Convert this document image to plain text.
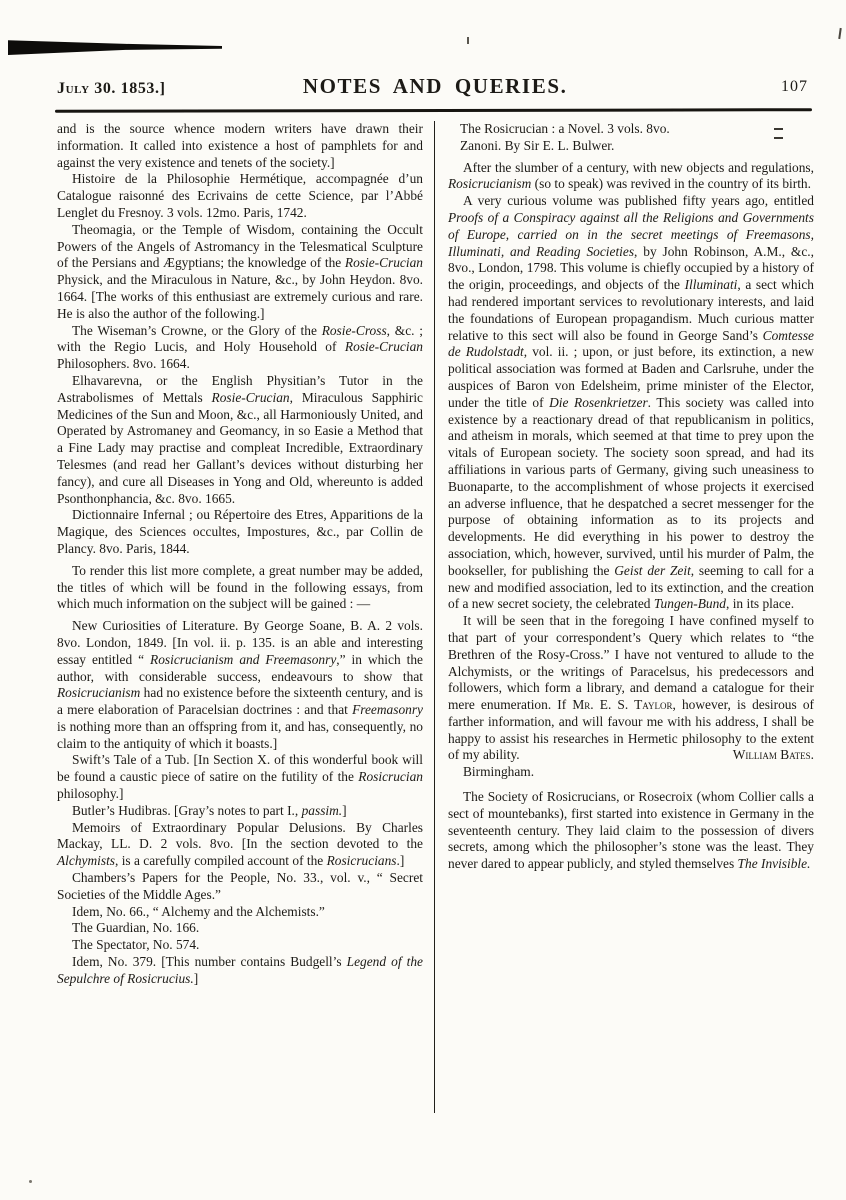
July 30. 1853.]	NOTES AND QUERIES.	107

and is the source whence modern writers have drawn their information. It called into existence a host of pamphlets for and against the very existence and tenets of the society.]

Histoire de la Philosophie Hermétique, accompagnée d’un Catalogue raisonné des Ecrivains de cette Science, par l’Abbé Lenglet du Fresnoy. 3 vols. 12mo. Paris, 1742.

Theomagia, or the Temple of Wisdom, containing the Occult Powers of the Angels of Astromancy in the Telesmatical Sculpture of the Persians and Ægyptians; the knowledge of the Rosie-Crucian Physick, and the Miraculous in Nature, &c., by John Heydon. 8vo. 1664. [The works of this enthusiast are extremely curious and rare. He is also the author of the following.]

The Wiseman’s Crowne, or the Glory of the Rosie-Cross, &c. ; with the Regio Lucis, and Holy Household of Rosie-Crucian Philosophers. 8vo. 1664.

Elhavarevna, or the English Physitian’s Tutor in the Astrabolismes of Mettals Rosie-Crucian, Miraculous Sapphiric Medicines of the Sun and Moon, &c., all Harmoniously United, and Operated by Astromaney and Geomancy, in so Easie a Method that a Fine Lady may practise and compleat Incredible, Extraordinary Telesmes (and read her Gallant’s devices without disturbing her fancy), and cure all Diseases in Yong and Old, whereunto is added Psonthonphancia, &c. 8vo. 1665.

Dictionnaire Infernal ; ou Répertoire des Etres, Apparitions de la Magique, des Sciences occultes, Impostures, &c., par Collin de Plancy. 8vo. Paris, 1844.

To render this list more complete, a great number may be added, the titles of which will be found in the following essays, from which much information on the subject will be gained : —

New Curiosities of Literature. By George Soane, B. A. 2 vols. 8vo. London, 1849. [In vol. ii. p. 135. is an able and interesting essay entitled “ Rosicrucianism and Freemasonry,” in which the author, with considerable success, endeavours to show that Rosicrucianism had no existence before the sixteenth century, and is a mere elaboration of Paracelsian doctrines : and that Freemasonry is nothing more than an offspring from it, and has, consequently, no claim to the antiquity of which it boasts.]

Swift’s Tale of a Tub. [In Section X. of this wonderful book will be found a caustic piece of satire on the futility of the Rosicrucian philosophy.]

Butler’s Hudibras. [Gray’s notes to part I., passim.]

Memoirs of Extraordinary Popular Delusions. By Charles Mackay, LL. D. 2 vols. 8vo. [In the section devoted to the Alchymists, is a carefully compiled account of the Rosicrucians.]

Chambers’s Papers for the People, No. 33., vol. v., “ Secret Societies of the Middle Ages.”

Idem, No. 66., “ Alchemy and the Alchemists.”

The Guardian, No. 166.

The Spectator, No. 574.

Idem, No. 379. [This number contains Budgell’s Legend of the Sepulchre of Rosicrucius.]

The Rosicrucian : a Novel. 3 vols. 8vo.

Zanoni. By Sir E. L. Bulwer.

After the slumber of a century, with new objects and regulations, Rosicrucianism (so to speak) was revived in the country of its birth.

A very curious volume was published fifty years ago, entitled Proofs of a Conspiracy against all the Religions and Governments of Europe, carried on in the secret meetings of Freemasons, Illuminati, and Reading Societies, by John Robinson, A.M., &c., 8vo., London, 1798. This volume is chiefly occupied by a history of the origin, proceedings, and objects of the Illuminati, a sect which had rendered important services to revolutionary interests, and laid the foundations of European propagandism. Much curious matter relative to this sect will also be found in George Sand’s Comtesse de Rudolstadt, vol. ii. ; upon, or just before, its extinction, a new political association was formed at Baden and Carlsruhe, under the auspices of Baron von Edelsheim, prime minister of the Elector, under the title of Die Rosenkrietzer. This society was called into existence by a reactionary dread of that republicanism in politics, and atheism in morals, which seemed at that time to prey upon the vitals of European society. The society soon spread, and had its affiliations in various parts of Germany, giving such uneasiness to Buonaparte, to the accomplishment of whose projects it exercised an adverse influence, that he despatched a secret messenger for the purpose of obtaining information as to its projects and developments. He did everything in his power to destroy the association, which, however, survived, until his murder of Palm, the bookseller, for publishing the Geist der Zeit, seeming to call for a new and modified association, led to its extinction, and the creation of a new secret society, the celebrated Tungen-Bund, in its place.

It will be seen that in the foregoing I have confined myself to that part of your correspondent’s Query which relates to “the Brethren of the Rosy-Cross.” I have not ventured to allude to the Alchymists, or the writings of Paracelsus, his predecessors and followers, which form a library, and demand a catalogue for their mere enumeration. If Mr. E. S. Taylor, however, is desirous of farther information, and will favour me with his address, I shall be happy to assist his researches in Hermetic philosophy to the extent of my ability.	William Bates.

Birmingham.

The Society of Rosicrucians, or Rosecroix (whom Collier calls a sect of mountebanks), first started into existence in Germany in the seventeenth century. They laid claim to the possession of divers secrets, among which the philosopher’s stone was the least. They never dared to appear publicly, and styled themselves The Invisible.
